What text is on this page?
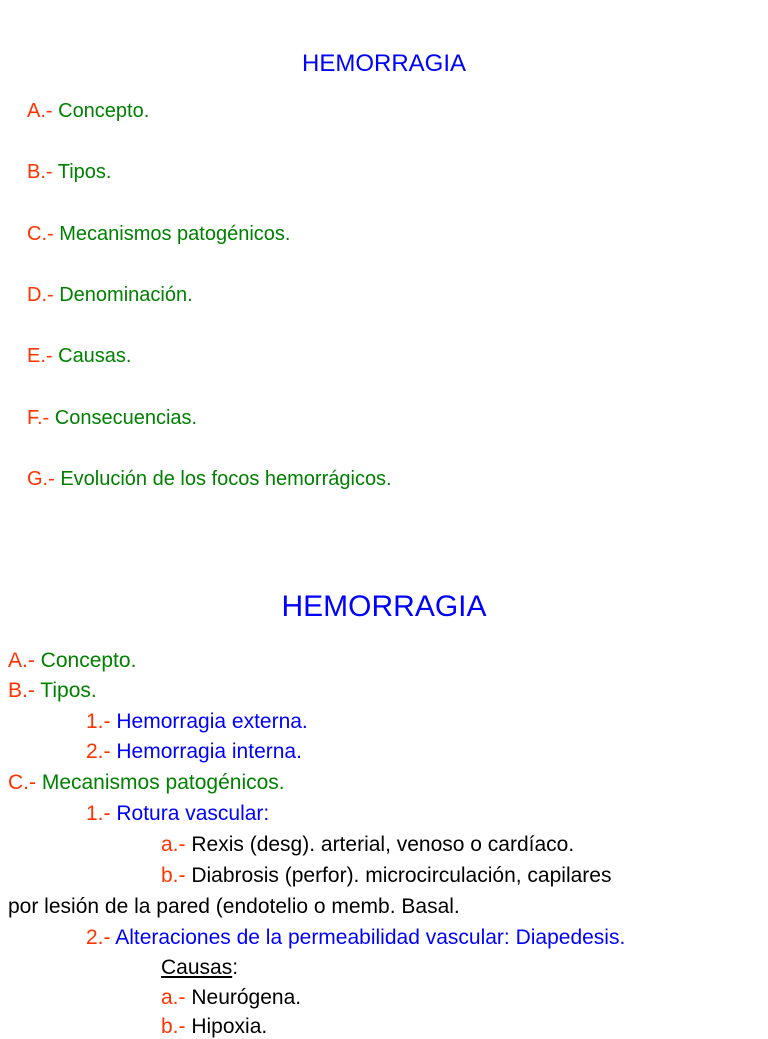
HEMORRAGIA
A.- Concepto.
B.- Tipos.
C.- Mecanismos patogénicos.
D.- Denominación.
E.- Causas.
F.- Consecuencias.
G.- Evolución de los focos hemorrágicos.
HEMORRAGIA
A.- Concepto.
B.- Tipos.
1.- Hemorragia externa.
2.- Hemorragia interna.
C.- Mecanismos patogénicos.
1.- Rotura vascular:
a.- Rexis (desg). arterial, venoso o cardíaco.
b.- Diabrosis (perfor). microcirculación, capilares
por lesión de la pared (endotelio o memb. Basal.
2.- Alteraciones de la permeabilidad vascular: Diapedesis.
Causas:
a.- Neurógena.
b.- Hipoxia.
